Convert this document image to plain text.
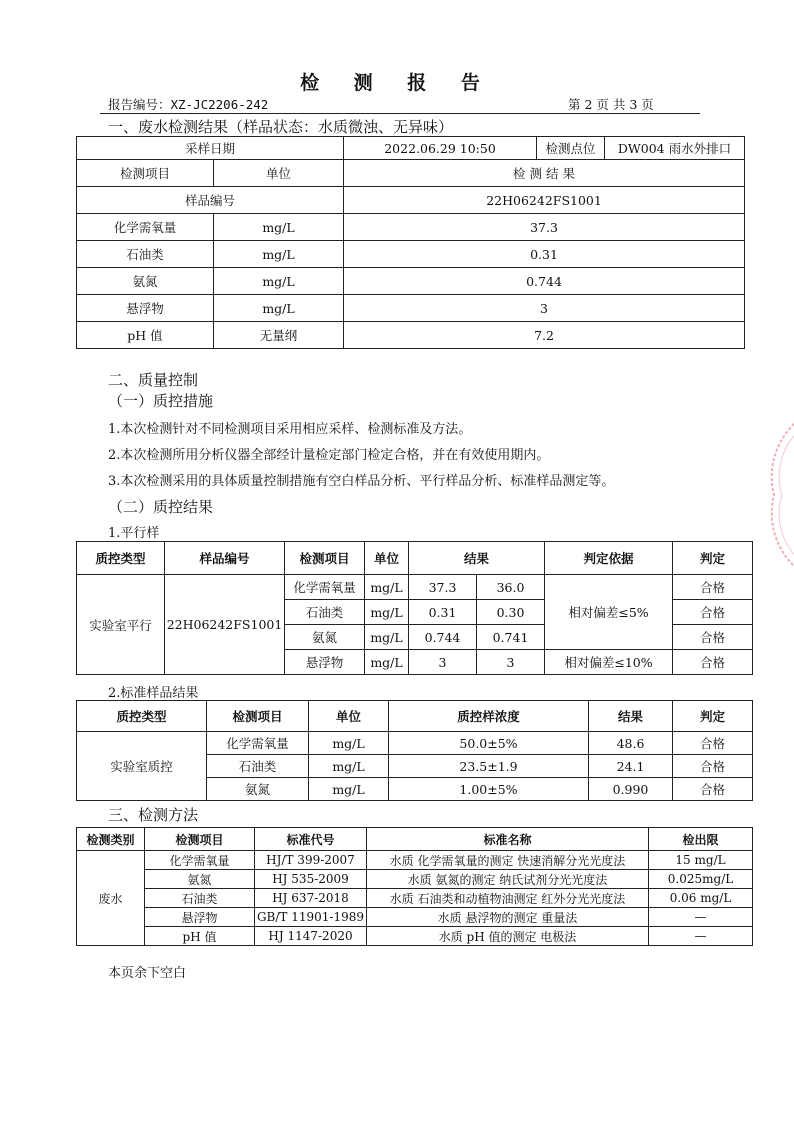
检 测 报 告
报告编号：XZ-JC2206-242	第 2 页 共 3 页
一、废水检测结果（样品状态：水质微浊、无异味）
采样日期		2022.06.29 10:50	检测点位	DW004 雨水外排口
检测项目	单位	检 测 结 果		
样品编号		22H06242FS1001		
化学需氧量	mg/L	37.3		
石油类	mg/L	0.31		
氨氮	mg/L	0.744		
悬浮物	mg/L	3		
pH 值	无量纲	7.2		
二、质量控制
（一）质控措施
1.本次检测针对不同检测项目采用相应采样、检测标准及方法。
2.本次检测所用分析仪器全部经计量检定部门检定合格，并在有效使用期内。
3.本次检测采用的具体质量控制措施有空白样品分析、平行样品分析、标准样品测定等。
（二）质控结果
1.平行样
质控类型	样品编号	检测项目	单位	结果		判定依据	判定
实验室平行	22H06242FS1001	化学需氧量	mg/L	37.3	36.0	相对偏差≤5%	合格
		石油类	mg/L	0.31	0.30		合格
		氨氮	mg/L	0.744	0.741		合格
		悬浮物	mg/L	3	3	相对偏差≤10%	合格
2.标准样品结果
质控类型	检测项目	单位	质控样浓度	结果	判定
实验室质控	化学需氧量	mg/L	50.0±5%	48.6	合格
	石油类	mg/L	23.5±1.9	24.1	合格
	氨氮	mg/L	1.00±5%	0.990	合格
三、检测方法
检测类别	检测项目	标准代号	标准名称	检出限
废水	化学需氧量	HJ/T 399-2007	水质 化学需氧量的测定 快速消解分光光度法	15 mg/L
	氨氮	HJ 535-2009	水质 氨氮的测定 纳氏试剂分光光度法	0.025mg/L
	石油类	HJ 637-2018	水质 石油类和动植物油测定 红外分光光度法	0.06 mg/L
	悬浮物	GB/T 11901-1989	水质 悬浮物的测定 重量法	—
	pH 值	HJ 1147-2020	水质 pH 值的测定 电极法	—
本页余下空白
